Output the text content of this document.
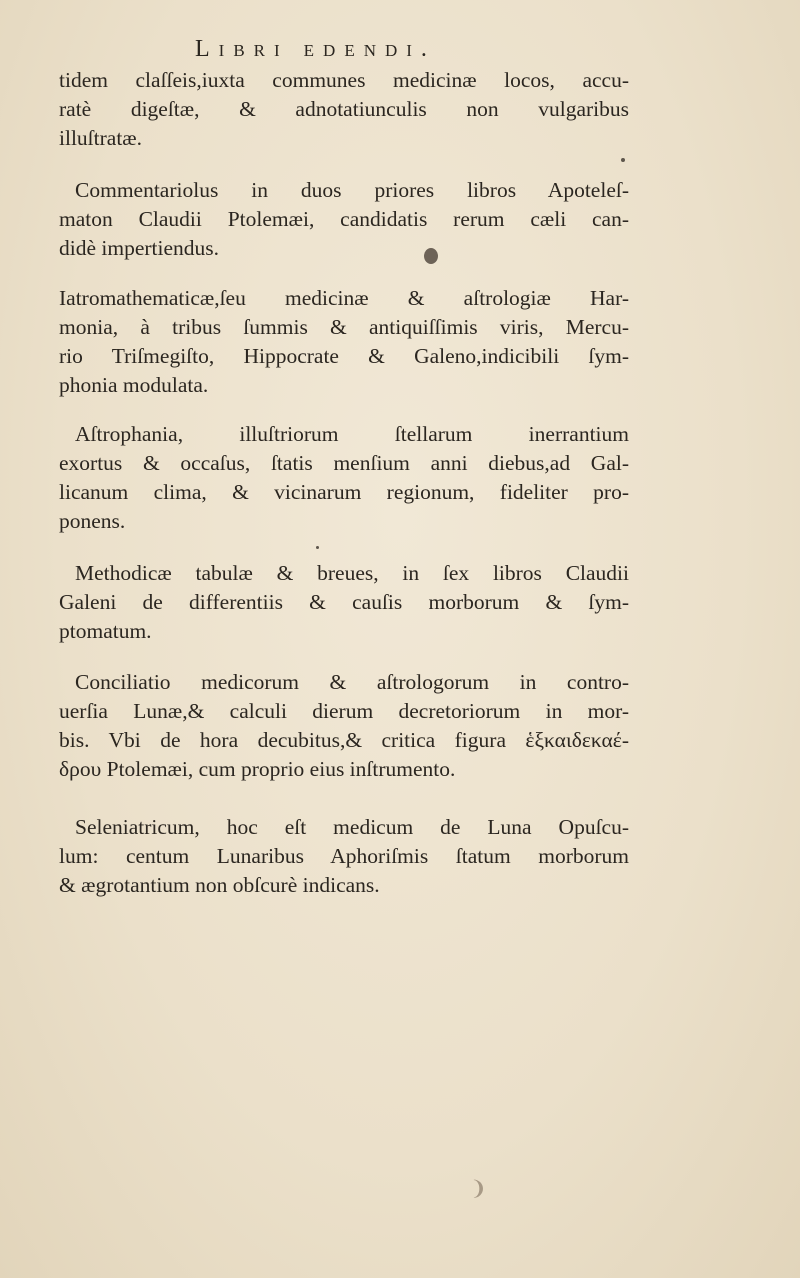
Libri edendi.
tidem claſſeis,iuxta communes medicinæ locos, accu-
ratè digeſtæ, & adnotatiunculis non vulgaribus
illuſtratæ.
Commentariolus in duos priores libros Apoteleſ-
maton Claudii Ptolemæi, candidatis rerum cæli can-
didè impertiendus.
Iatromathematicæ,ſeu medicinæ & aſtrologiæ Har-
monia, à tribus ſummis & antiquiſſimis viris, Mercu-
rio Triſmegiſto, Hippocrate & Galeno,indicibili ſym-
phonia modulata.
Aſtrophania, illuſtriorum ſtellarum inerrantium
exortus & occaſus, ſtatis menſium anni diebus,ad Gal-
licanum clima, & vicinarum regionum, fideliter pro-
ponens.
Methodicæ tabulæ & breues, in ſex libros Claudii
Galeni de differentiis & cauſis morborum & ſym-
ptomatum.
Conciliatio medicorum & aſtrologorum in contro-
uerſia Lunæ,& calculi dierum decretoriorum in mor-
bis. Vbi de hora decubitus,& critica figura ἑξκαιδεκαέ-
δρου Ptolemæi, cum proprio eius inſtrumento.
Seleniatricum, hoc eſt medicum de Luna Opuſcu-
lum: centum Lunaribus Aphoriſmis ſtatum morborum
& ægrotantium non obſcurè indicans.
❩
